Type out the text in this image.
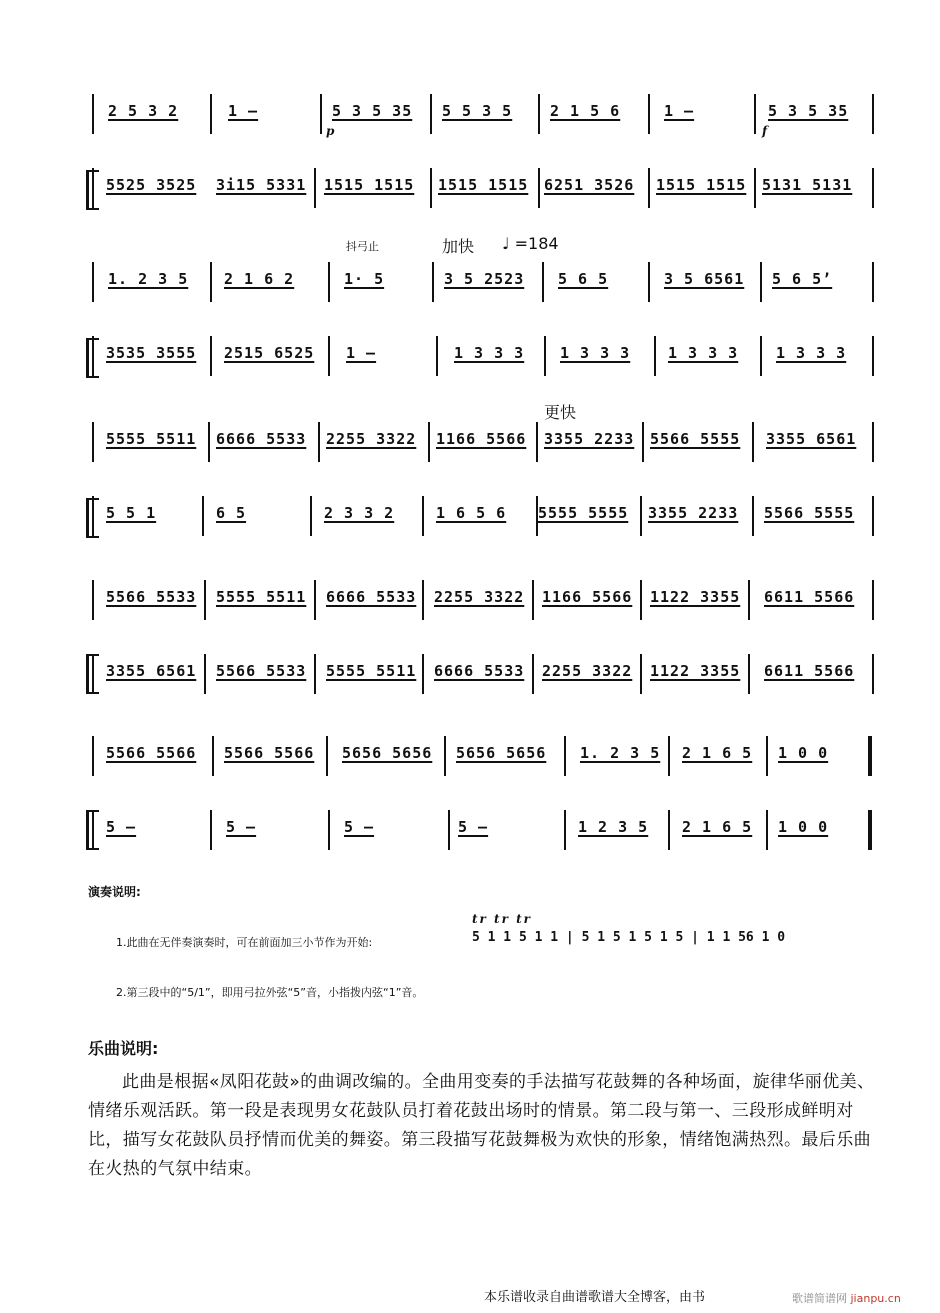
2 5 3 2	1 –
p
5 3 5 35 5 5 3 5	2 1 5 6	1 –
f
5 3 5 35
5525 3525 3i15 5331 1515 1515 1515 1515 6251 3526 1515 1515 5131 5131
抖弓止	加快 ♩ =184
1. 2 3 5 2 1 6 2	1· 5	3 5 2523 5 6 5	3 5 6561 5 6 5’
3535 3555 2515 6525 1 –	1 3 3 3 1 3 3 3	1 3 3 3	1 3 3 3
更快
5555 5511 6666 5533 2255 3322 1166 5566 3355 2233 5566 5555 3355 6561
5 5 1	6 5	2 3 3 2	1 6 5 6 5555 5555 3355 2233 5566 5555
5566 5533 5555 5511 6666 5533 2255 3322 1166 5566 1122 3355 6611 5566
3355 6561 5566 5533 5555 5511 6666 5533 2255 3322 1122 3355 6611 5566
5566 5566 5566 5566 5656 5656 5656 5656 1. 2 3 5 2 1 6 5 1 0 0
5 –	5 –	5 –	5 –	1 2 3 5 2 1 6 5 1 0 0
演奏说明:
1.此曲在无伴奏演奏时，可在前面加三小节作为开始:
tr tr tr
5 1 1 5 1 1 | 5 1 5 1 5 1 5 | 1 1 56 1 0
2.第三段中的“5/1”，即用弓拉外弦“5”音，小指拨内弦“1”音。
乐曲说明:
此曲是根据«凤阳花鼓»的曲调改编的。全曲用变奏的手法描写花鼓舞的各种场面，旋律华丽优美、情绪乐观活跃。第一段是表现男女花鼓队员打着花鼓出场时的情景。第二段与第一、三段形成鲜明对比，描写女花鼓队员抒情而优美的舞姿。第三段描写花鼓舞极为欢快的形象，情绪饱满热烈。最后乐曲在火热的气氛中结束。
本乐谱收录自曲谱歌谱大全博客，由书	歌谱简谱网 jianpu.cn
